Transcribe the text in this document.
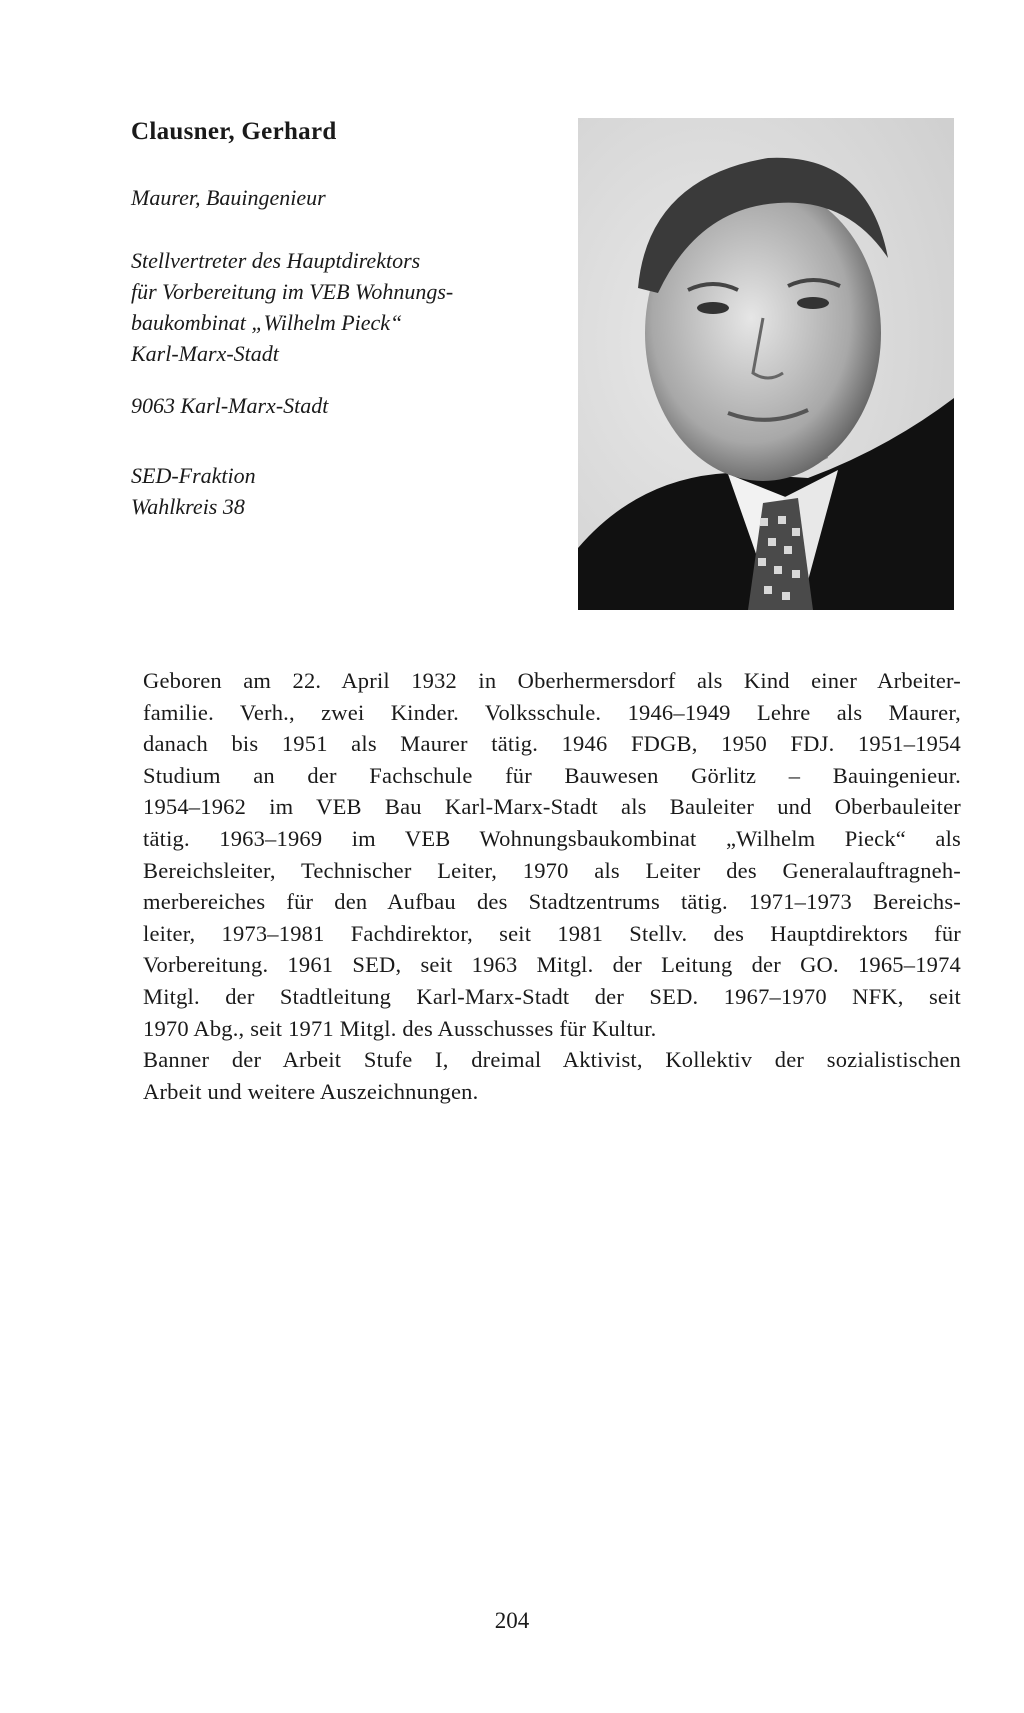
Clausner, Gerhard
Maurer, Bauingenieur
Stellvertreter des Hauptdirektors
für Vorbereitung im VEB Wohnungs-
baukombinat „Wilhelm Pieck“
Karl-Marx-Stadt
9063 Karl-Marx-Stadt
SED-Fraktion
Wahlkreis 38
Geboren am 22. April 1932 in Oberhermersdorf als Kind einer Arbeiter-
familie. Verh., zwei Kinder. Volksschule. 1946–1949 Lehre als Maurer,
danach bis 1951 als Maurer tätig. 1946 FDGB, 1950 FDJ. 1951–1954
Studium an der Fachschule für Bauwesen Görlitz – Bauingenieur.
1954–1962 im VEB Bau Karl-Marx-Stadt als Bauleiter und Oberbauleiter
tätig. 1963–1969 im VEB Wohnungsbaukombinat „Wilhelm Pieck“ als
Bereichsleiter, Technischer Leiter, 1970 als Leiter des Generalauftragneh-
merbereiches für den Aufbau des Stadtzentrums tätig. 1971–1973 Bereichs-
leiter, 1973–1981 Fachdirektor, seit 1981 Stellv. des Hauptdirektors für
Vorbereitung. 1961 SED, seit 1963 Mitgl. der Leitung der GO. 1965–1974
Mitgl. der Stadtleitung Karl-Marx-Stadt der SED. 1967–1970 NFK, seit
1970 Abg., seit 1971 Mitgl. des Ausschusses für Kultur.
Banner der Arbeit Stufe I, dreimal Aktivist, Kollektiv der sozialistischen
Arbeit und weitere Auszeichnungen.
204
